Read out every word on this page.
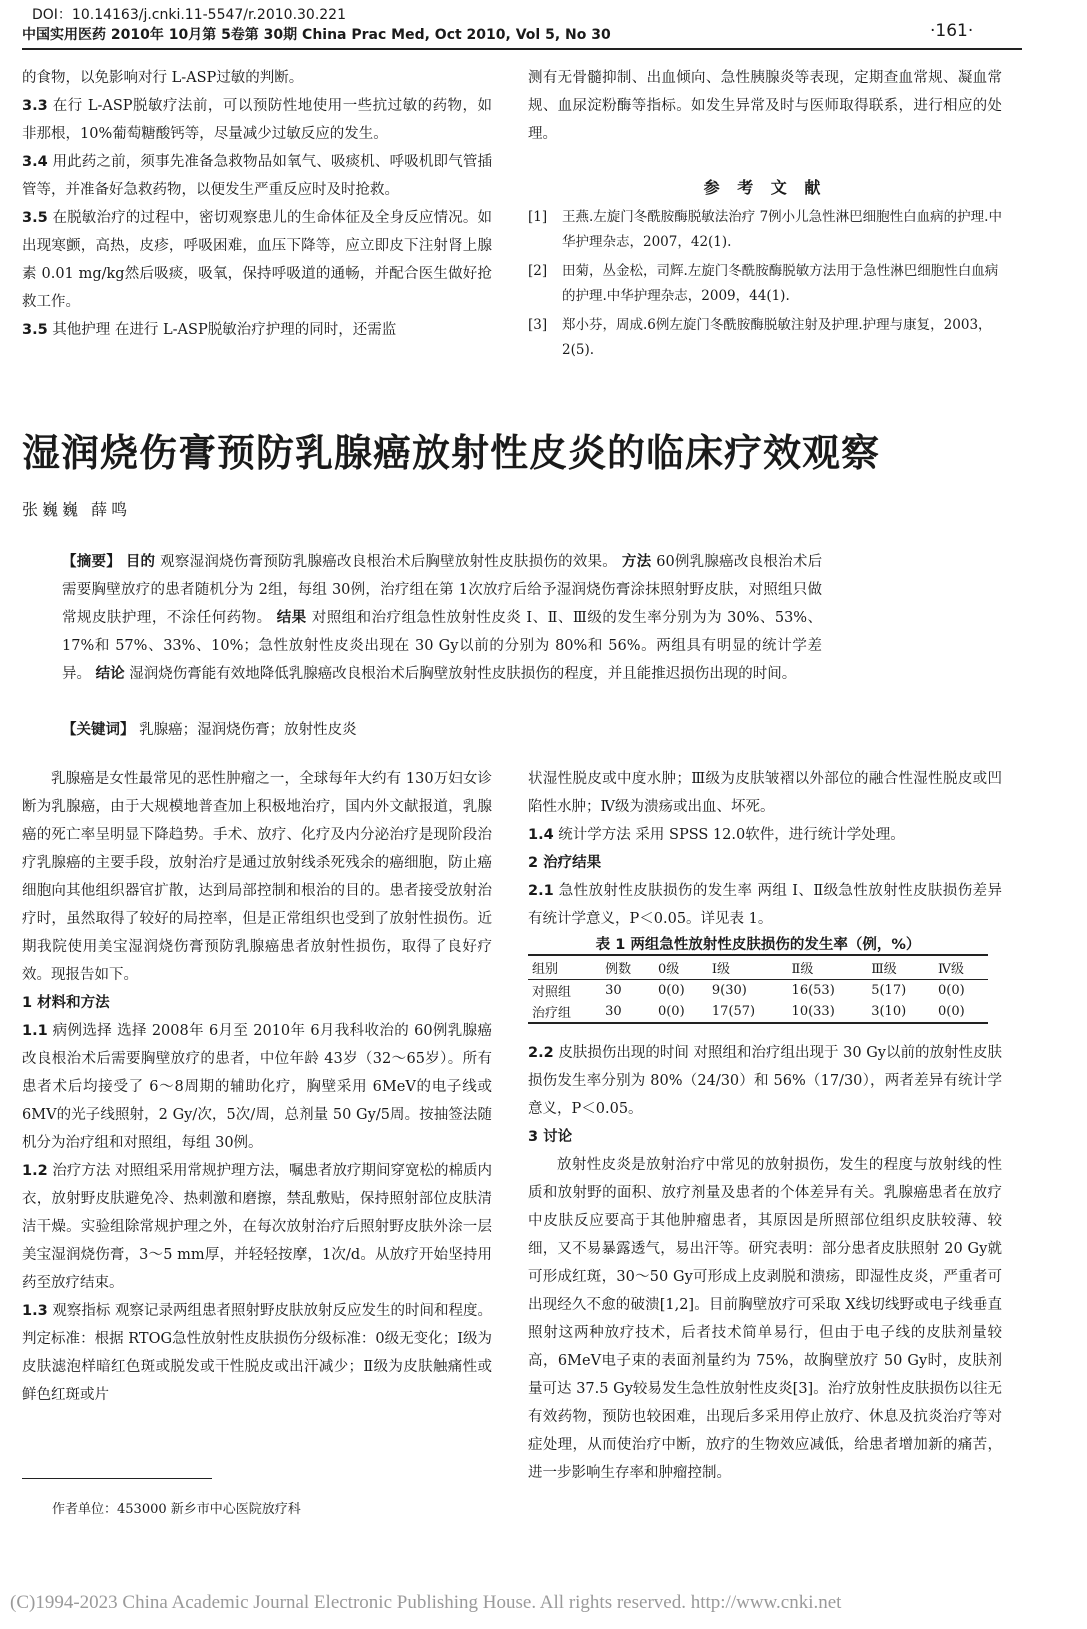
DOI：10.14163/j.cnki.11-5547/r.2010.30.221
中国实用医药 2010年 10月第 5卷第 30期 China Prac Med, Oct 2010, Vol 5, No 30	·161·

的食物，以免影响对行 L-ASP过敏的判断。

3.3 在行 L-ASP脱敏疗法前，可以预防性地使用一些抗过敏的药物，如非那根，10%葡萄糖酸钙等，尽量减少过敏反应的发生。

3.4 用此药之前，须事先准备急救物品如氧气、吸痰机、呼吸机即气管插管等，并准备好急救药物，以便发生严重反应时及时抢救。

3.5 在脱敏治疗的过程中，密切观察患儿的生命体征及全身反应情况。如出现寒颤，高热，皮疹，呼吸困难，血压下降等，应立即皮下注射肾上腺素 0.01 mg/kg然后吸痰，吸氧，保持呼吸道的通畅，并配合医生做好抢救工作。

3.5 其他护理 在进行 L-ASP脱敏治疗护理的同时，还需监

测有无骨髓抑制、出血倾向、急性胰腺炎等表现，定期查血常规、凝血常规、血尿淀粉酶等指标。如发生异常及时与医师取得联系，进行相应的处理。

参 考 文 献
[1]	王燕.左旋门冬酰胺酶脱敏法治疗 7例小儿急性淋巴细胞性白血病的护理.中华护理杂志，2007，42(1).
[2]	田菊，丛金松，司辉.左旋门冬酰胺酶脱敏方法用于急性淋巴细胞性白血病的护理.中华护理杂志，2009，44(1).
[3]	郑小芬，周成.6例左旋门冬酰胺酶脱敏注射及护理.护理与康复，2003，2(5).
湿润烧伤膏预防乳腺癌放射性皮炎的临床疗效观察
张巍巍 薛鸣

【摘要】 目的 观察湿润烧伤膏预防乳腺癌改良根治术后胸壁放射性皮肤损伤的效果。 方法 60例乳腺癌改良根治术后需要胸壁放疗的患者随机分为 2组，每组 30例，治疗组在第 1次放疗后给予湿润烧伤膏涂抹照射野皮肤，对照组只做常规皮肤护理，不涂任何药物。 结果 对照组和治疗组急性放射性皮炎 Ⅰ、Ⅱ、Ⅲ级的发生率分别为为 30%、53%、17%和 57%、33%、10%；急性放射性皮炎出现在 30 Gy以前的分别为 80%和 56%。两组具有明显的统计学差异。 结论 湿润烧伤膏能有效地降低乳腺癌改良根治术后胸壁放射性皮肤损伤的程度，并且能推迟损伤出现的时间。

【关键词】 乳腺癌；湿润烧伤膏；放射性皮炎

乳腺癌是女性最常见的恶性肿瘤之一，全球每年大约有 130万妇女诊断为乳腺癌，由于大规模地普查加上积极地治疗，国内外文献报道，乳腺癌的死亡率呈明显下降趋势。手术、放疗、化疗及内分泌治疗是现阶段治疗乳腺癌的主要手段，放射治疗是通过放射线杀死残余的癌细胞，防止癌细胞向其他组织器官扩散，达到局部控制和根治的目的。患者接受放射治疗时，虽然取得了较好的局控率，但是正常组织也受到了放射性损伤。近期我院使用美宝湿润烧伤膏预防乳腺癌患者放射性损伤，取得了良好疗效。现报告如下。

1 材料和方法

1.1 病例选择 选择 2008年 6月至 2010年 6月我科收治的 60例乳腺癌改良根治术后需要胸壁放疗的患者，中位年龄 43岁（32～65岁）。所有患者术后均接受了 6～8周期的辅助化疗，胸壁采用 6MeV的电子线或 6MV的光子线照射，2 Gy/次，5次/周，总剂量 50 Gy/5周。按抽签法随机分为治疗组和对照组，每组 30例。

1.2 治疗方法 对照组采用常规护理方法，嘱患者放疗期间穿宽松的棉质内衣，放射野皮肤避免冷、热刺激和磨擦，禁乱敷贴，保持照射部位皮肤清洁干燥。实验组除常规护理之外，在每次放射治疗后照射野皮肤外涂一层美宝湿润烧伤膏，3～5 mm厚，并轻轻按摩，1次/d。从放疗开始坚持用药至放疗结束。

1.3 观察指标 观察记录两组患者照射野皮肤放射反应发生的时间和程度。判定标准：根据 RTOG急性放射性皮肤损伤分级标准：0级无变化；Ⅰ级为皮肤滤泡样暗红色斑或脱发或干性脱皮或出汗减少；Ⅱ级为皮肤触痛性或鲜色红斑或片

状湿性脱皮或中度水肿；Ⅲ级为皮肤皱褶以外部位的融合性湿性脱皮或凹陷性水肿；Ⅳ级为溃疡或出血、坏死。

1.4 统计学方法 采用 SPSS 12.0软件，进行统计学处理。

2 治疗结果

2.1 急性放射性皮肤损伤的发生率 两组 Ⅰ、Ⅱ级急性放射性皮肤损伤差异有统计学意义，P＜0.05。详见表 1。

表 1 两组急性放射性皮肤损伤的发生率（例，%）
组别	例数	0级	Ⅰ级	Ⅱ级	Ⅲ级	Ⅳ级
对照组	30	0(0)	9(30)	16(53)	5(17)	0(0)
治疗组	30	0(0)	17(57)	10(33)	3(10)	0(0)

2.2 皮肤损伤出现的时间 对照组和治疗组出现于 30 Gy以前的放射性皮肤损伤发生率分别为 80%（24/30）和 56%（17/30），两者差异有统计学意义，P＜0.05。

3 讨论

放射性皮炎是放射治疗中常见的放射损伤，发生的程度与放射线的性质和放射野的面积、放疗剂量及患者的个体差异有关。乳腺癌患者在放疗中皮肤反应要高于其他肿瘤患者，其原因是所照部位组织皮肤较薄、较细，又不易暴露透气，易出汗等。研究表明：部分患者皮肤照射 20 Gy就可形成红斑，30～50 Gy可形成上皮剥脱和溃疡，即湿性皮炎，严重者可出现经久不愈的破溃[1,2]。目前胸壁放疗可采取 X线切线野或电子线垂直照射这两种放疗技术，后者技术简单易行，但由于电子线的皮肤剂量较高，6MeV电子束的表面剂量约为 75%，故胸壁放疗 50 Gy时，皮肤剂量可达 37.5 Gy较易发生急性放射性皮炎[3]。治疗放射性皮肤损伤以往无有效药物，预防也较困难，出现后多采用停止放疗、休息及抗炎治疗等对症处理，从而使治疗中断，放疗的生物效应减低，给患者增加新的痛苦，进一步影响生存率和肿瘤控制。

作者单位：453000 新乡市中心医院放疗科
(C)1994-2023 China Academic Journal Electronic Publishing House. All rights reserved. http://www.cnki.net
